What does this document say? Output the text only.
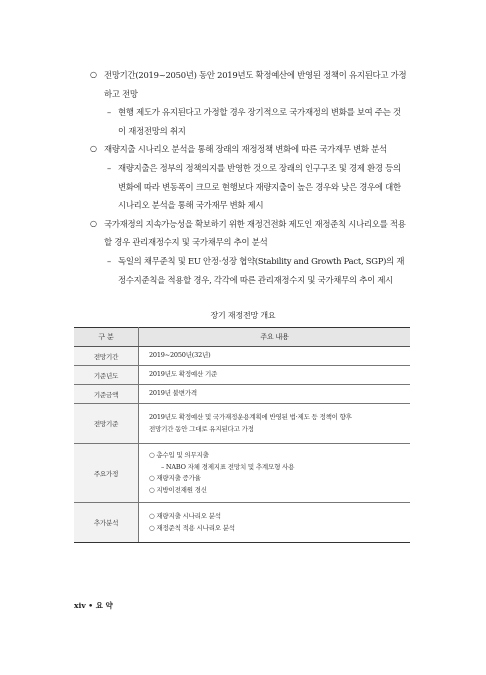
○ 전망기간(2019~2050년) 동안 2019년도 확정예산에 반영된 정책이 유지된다고 가정하고 전망
– 현행 제도가 유지된다고 가정할 경우 장기적으로 국가재정의 변화를 보여 주는 것이 재정전망의 취지
○ 재량지출 시나리오 분석을 통해 장래의 재정정책 변화에 따른 국가재무 변화 분석
– 재량지출은 정부의 정책의지를 반영한 것으로 장래의 인구구조 및 경제 환경 등의 변화에 따라 변동폭이 크므로 현행보다 재량지출이 높은 경우와 낮은 경우에 대한 시나리오 분석을 통해 국가재무 변화 제시
○ 국가재정의 지속가능성을 확보하기 위한 재정건전화 제도인 재정준칙 시나리오를 적용할 경우 관리재정수지 및 국가채무의 추이 분석
– 독일의 채무준칙 및 EU 안정·성장 협약(Stability and Growth Pact, SGP)의 재정수지준칙을 적용할 경우, 각각에 따른 관리재정수지 및 국가채무의 추이 제시
장기 재정전망 개요
구 분	주요 내용
전망기간	2019~2050년(32년)

기준년도	2019년도 확정예산 기준

기준금액	2019년 불변가격

전망기준	2019년도 확정예산 및 국가재정운용계획에 반영된 법·제도 등 정책이 향후
전망기간 동안 그대로 유지된다고 가정

주요가정	○ 총수입 및 의무지출
– NABO 자체 경제지표 전망치 및 추계모형 사용
○ 재량지출 증가율
○ 지방이전재원 경신

추가분석	○ 재량지출 시나리오 분석
○ 재정준칙 적용 시나리오 분석
xiv • 요 약
